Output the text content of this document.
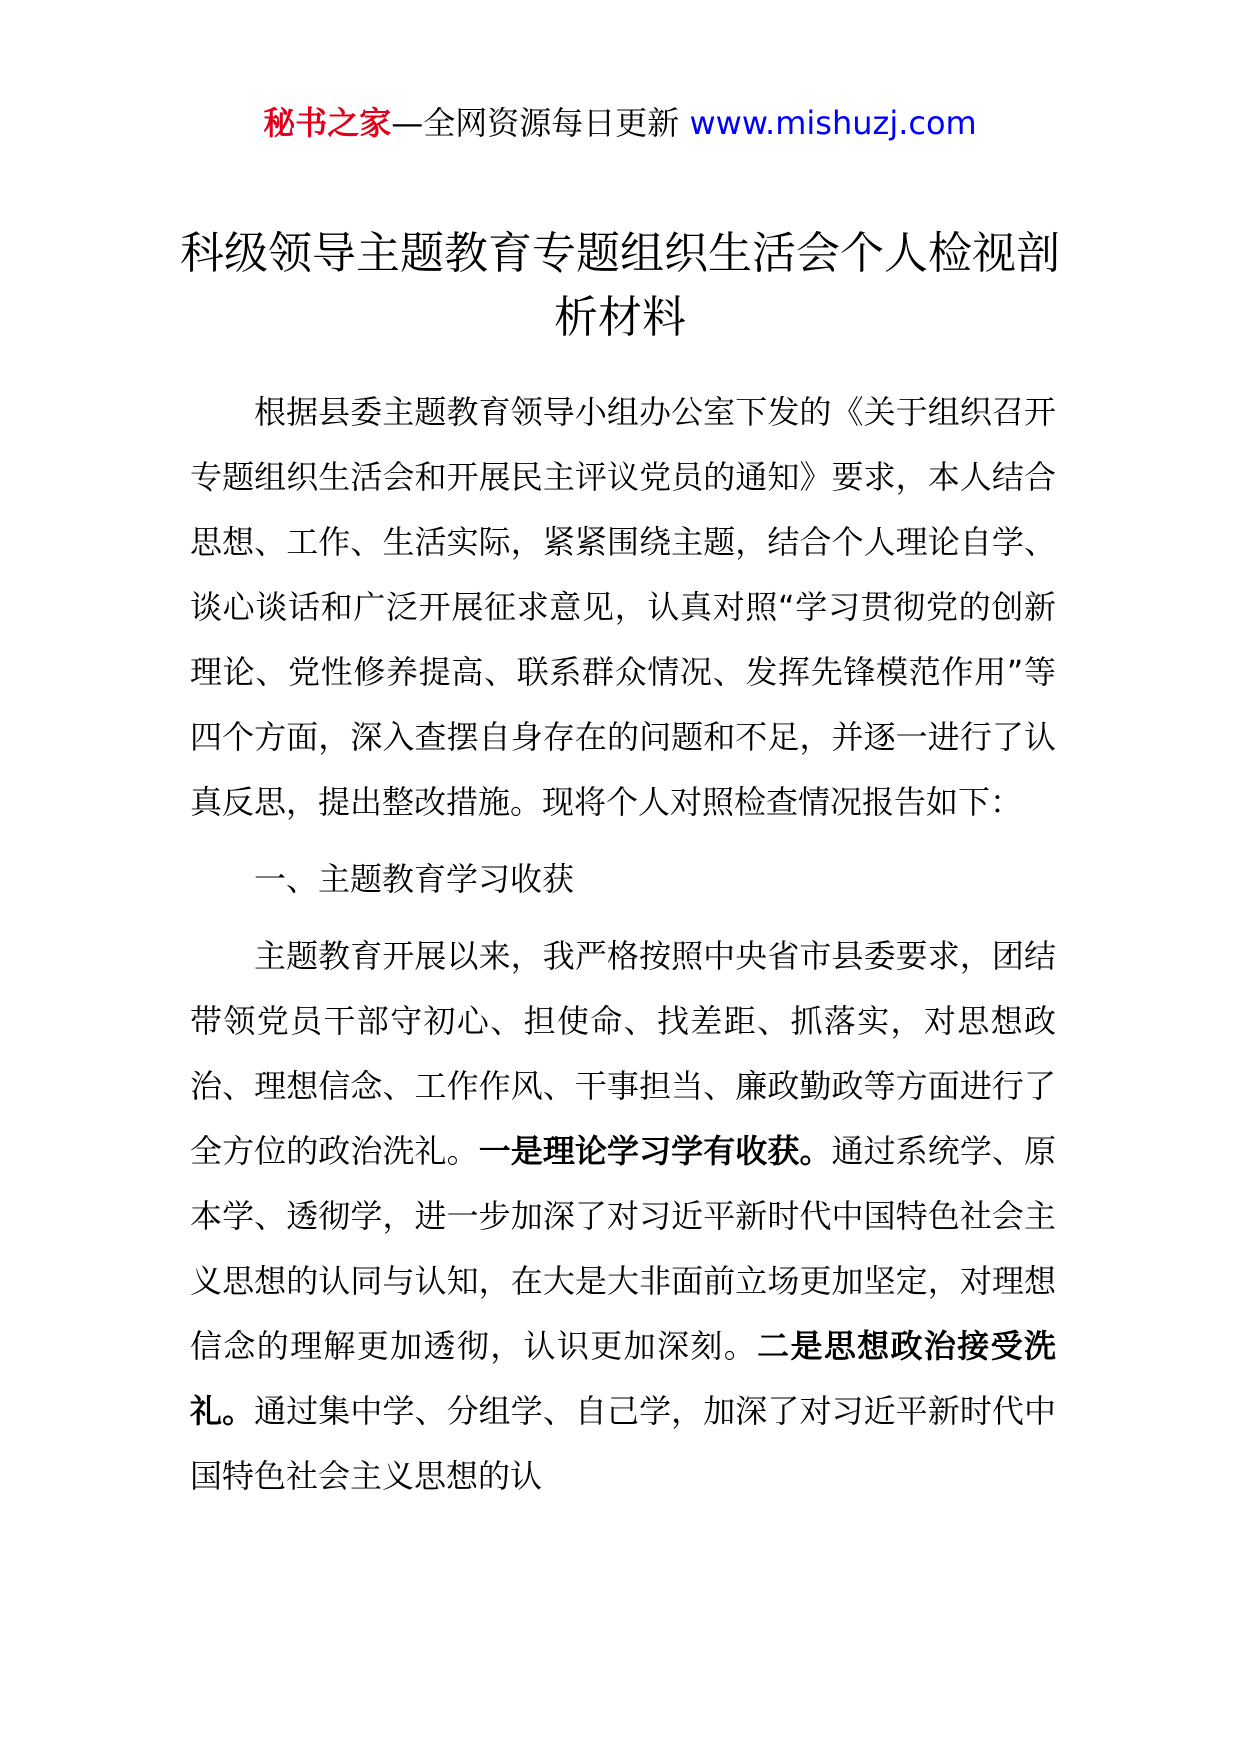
秘书之家—全网资源每日更新 www.mishuzj.com
科级领导主题教育专题组织生活会个人检视剖析材料

根据县委主题教育领导小组办公室下发的《关于组织召开专题组织生活会和开展民主评议党员的通知》要求，本人结合思想、工作、生活实际，紧紧围绕主题，结合个人理论自学、谈心谈话和广泛开展征求意见，认真对照“学习贯彻党的创新理论、党性修养提高、联系群众情况、发挥先锋模范作用”等四个方面，深入查摆自身存在的问题和不足，并逐一进行了认真反思，提出整改措施。现将个人对照检查情况报告如下：

一、主题教育学习收获

主题教育开展以来，我严格按照中央省市县委要求，团结带领党员干部守初心、担使命、找差距、抓落实，对思想政治、理想信念、工作作风、干事担当、廉政勤政等方面进行了全方位的政治洗礼。一是理论学习学有收获。通过系统学、原本学、透彻学，进一步加深了对习近平新时代中国特色社会主义思想的认同与认知，在大是大非面前立场更加坚定，对理想信念的理解更加透彻，认识更加深刻。二是思想政治接受洗礼。通过集中学、分组学、自己学，加深了对习近平新时代中国特色社会主义思想的认
